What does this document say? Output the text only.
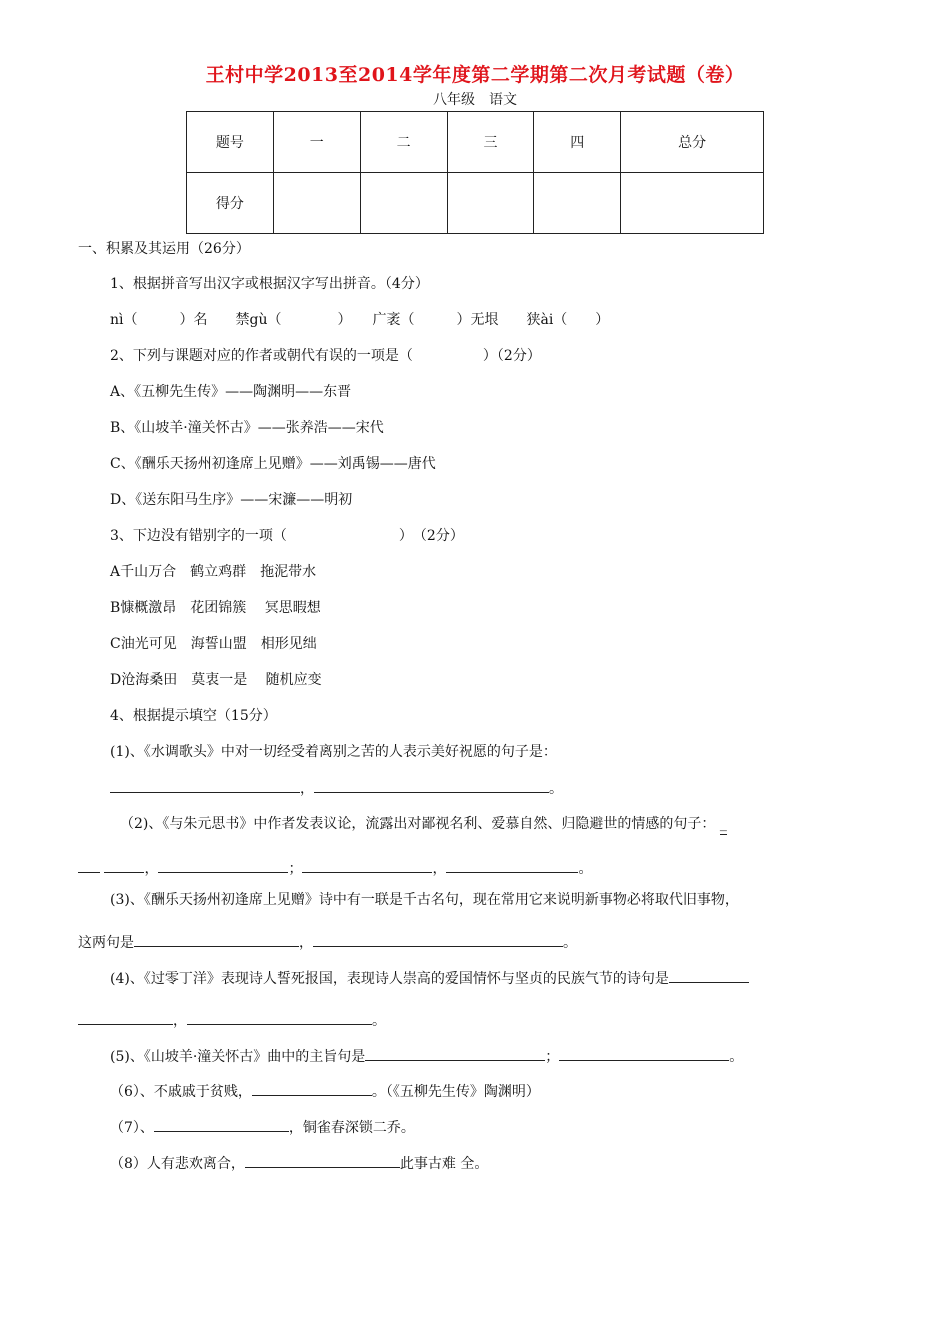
王村中学2013至2014学年度第二学期第二次月考试题（卷）
八年级　语文
题号	一	二	三	四	总分
得分					
一、积累及其运用（26分）
1、根据拼音写出汉字或根据汉字写出拼音。（4分）
nì（　　　）名　　禁gù（　　　　）　　广袤（　　　）无垠　　狭ài（　　）
2、下列与课题对应的作者或朝代有误的一项是（　　　　　）（2分）
A、《五柳先生传》——陶渊明——东晋
B、《山坡羊·潼关怀古》——张养浩——宋代
C、《酬乐天扬州初逢席上见赠》——刘禹锡——唐代
D、《送东阳马生序》——宋濂——明初
3、下边没有错别字的一项（　　　　　　　　）　（2分）
A千山万合　鹤立鸡群　拖泥带水
B慷概激昂　花团锦簇　 冥思暇想
C油光可见　海誓山盟　相形见绌
D沧海桑田　莫衷一是　 随机应变
4、根据提示填空（15分）
(1)、《水调歌头》中对一切经受着离别之苦的人表示美好祝愿的句子是：
，	。
（2)、《与朱元思书》中作者发表议论，流露出对鄙视名利、爱慕自然、归隐避世的情感的句子： _
，	；	，	。
(3)、《酬乐天扬州初逢席上见赠》诗中有一联是千古名句，现在常用它来说明新事物必将取代旧事物，
这两句是	，	。
(4)、《过零丁洋》表现诗人誓死报国，表现诗人崇高的爱国情怀与坚贞的民族气节的诗句是
，	。
(5)、《山坡羊·潼关怀古》曲中的主旨句是	；	。
（6）、不戚戚于贫贱，	。（《五柳先生传》陶渊明）
（7）、	，铜雀春深锁二乔。
（8）人有悲欢离合，	此事古难 全。
